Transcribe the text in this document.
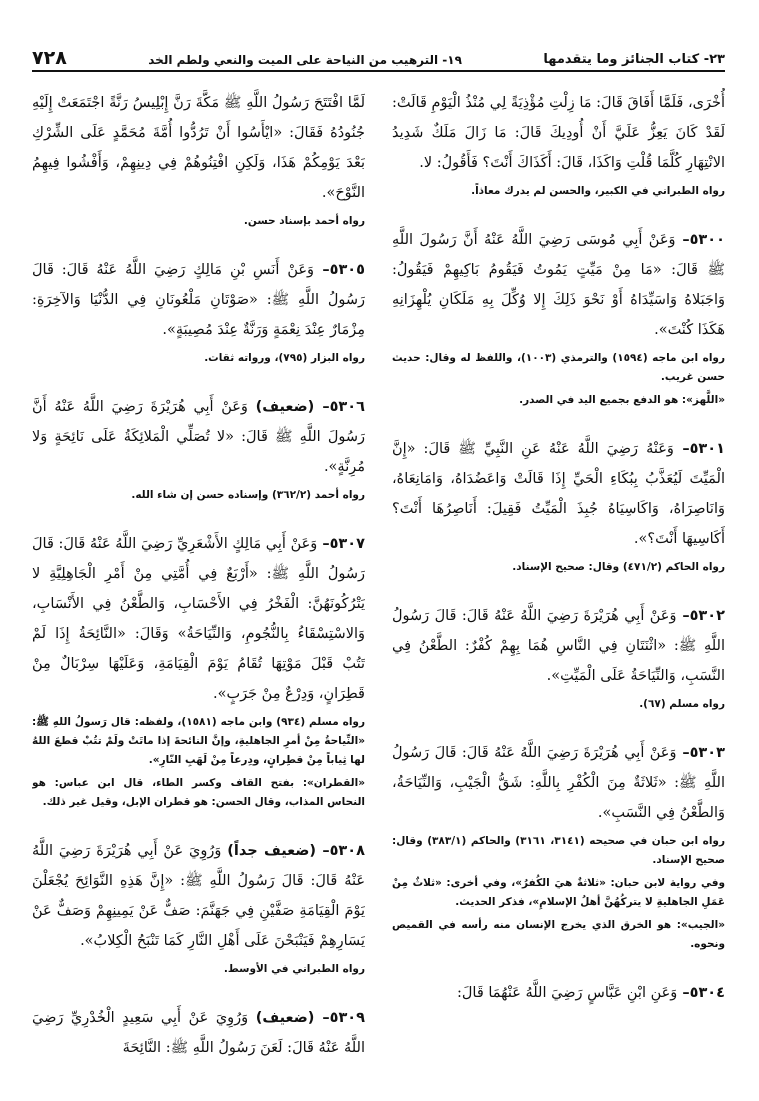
٢٣- كتاب الجنائز وما يتقدمها
١٩- الترهيب من النياحة على الميت والنعي ولطم الخد
٧٢٨

أُخْرَى، فَلَمَّا أَفَاقَ قَالَ: مَا زِلْتِ مُؤْذِيَةً لِي مُنْذُ الْيَوْمِ قَالَتْ: لَقَدْ كَانَ يَعِزُّ عَلَيَّ أَنْ أُودِيكَ قَالَ: مَا زَالَ مَلَكٌ شَدِيدُ الانْتِهَارِ كُلَّمَا قُلْتِ وَاكَذَا، قَالَ: أَكَذَاكَ أَنْتَ؟ فَأَقُولُ: لا.

رواه الطبراني في الكبير، والحسن لم يدرك معاذاً.

٥٣٠٠– وَعَنْ أَبِي مُوسَى رَضِيَ اللَّهُ عَنْهُ أَنَّ رَسُولَ اللَّهِ ﷺ قَالَ: «مَا مِنْ مَيِّتٍ يَمُوتُ فَيَقُومُ بَاكِيهِمْ فَيَقُولُ: وَاجَبَلاهُ وَاسَيِّدَاهُ أَوْ نَحْوَ ذَلِكَ إِلا وُكِّلَ بِهِ مَلَكَانِ يُلْهِزَانِهِ هَكَذَا كُنْتَ».

رواه ابن ماجه (١٥٩٤) والترمذي (١٠٠٣)، واللفظ له وقال: حديث حسن غريب.

«اللَّهز»: هو الدفع بجميع اليد في الصدر.

٥٣٠١– وَعَنْهُ رَضِيَ اللَّهُ عَنْهُ عَنِ النَّبِيِّ ﷺ قَالَ: «إِنَّ الْمَيِّتَ لَيُعَذَّبُ بِبُكَاءِ الْحَيِّ إِذَا قَالَتْ وَاعَضُدَاهُ، وَامَانِعَاهُ، وَانَاصِرَاهُ، وَاكَاسِيَاهُ جُبِذَ الْمَيِّتُ فَقِيلَ: أَنَاصِرُهَا أَنْتَ؟ أَكَاسِيهَا أَنْتَ؟».

رواه الحاكم (٤٧١/٢) وقال: صحيح الإسناد.

٥٣٠٢– وَعَنْ أَبِي هُرَيْرَةَ رَضِيَ اللَّهُ عَنْهُ قَالَ: قَالَ رَسُولُ اللَّهِ ﷺ: «اثْنَتَانِ فِي النَّاسِ هُمَا بِهِمْ كُفْرٌ: الطَّعْنُ فِي النَّسَبِ، وَالنِّيَاحَةُ عَلَى الْمَيِّتِ».

رواه مسلم (٦٧).

٥٣٠٣– وَعَنْ أَبِي هُرَيْرَةَ رَضِيَ اللَّهُ عَنْهُ قَالَ: قَالَ رَسُولُ اللَّهِ ﷺ: «ثَلاثَةٌ مِنَ الْكُفْرِ بِاللَّهِ: شَقُّ الْجَيْبِ، وَالنِّيَاحَةُ، وَالطَّعْنُ فِي النَّسَبِ».

رواه ابن حبان في صحيحه (٣١٤١، ٣١٦١) والحاكم (٣٨٣/١) وقال: صحيح الإسناد.

وفي رواية لابن حبان: «ثلاثةٌ هيَ الكُفرُ»، وفي أخرى: «ثلاثٌ مِنْ عَمَلِ الجاهليةِ لا يتركُهُنَّ أهلُ الإسلامِ»، فذكر الحديث.

«الجيب»: هو الخرق الذي يخرج الإنسان منه رأسه في القميص ونحوه.

٥٣٠٤– وَعَنِ ابْنِ عَبَّاسٍ رَضِيَ اللَّهُ عَنْهُمَا قَالَ:

لَمَّا افْتَتَحَ رَسُولُ اللَّهِ ﷺ مَكَّةَ رَنَّ إِبْلِيسُ رَنَّةً اجْتَمَعَتْ إِلَيْهِ جُنُودُهُ فَقَالَ: «ايْأَسُوا أَنْ تَرُدُّوا أُمَّةَ مُحَمَّدٍ عَلَى الشِّرْكِ بَعْدَ يَوْمِكُمْ هَذَا، وَلَكِنِ افْتِنُوهُمْ فِي دِينِهِمْ، وَأَفْشُوا فِيهِمُ النَّوْحَ».

رواه أحمد بإسناد حسن.

٥٣٠٥– وَعَنْ أَنَسِ بْنِ مَالِكٍ رَضِيَ اللَّهُ عَنْهُ قَالَ: قَالَ رَسُولُ اللَّهِ ﷺ: «صَوْتَانِ مَلْعُونَانِ فِي الدُّنْيَا وَالآخِرَةِ: مِزْمَارٌ عِنْدَ نِعْمَةٍ وَرَنَّةٌ عِنْدَ مُصِيبَةٍ».

رواه البزار (٧٩٥)، ورواته ثقات.

٥٣٠٦– (ضعيف) وَعَنْ أَبِي هُرَيْرَةَ رَضِيَ اللَّهُ عَنْهُ أَنَّ رَسُولَ اللَّهِ ﷺ قَالَ: «لا تُصَلِّي الْمَلائِكَةُ عَلَى نَائِحَةٍ وَلا مُرِنَّةٍ».

رواه أحمد (٣٦٢/٢) وإسناده حسن إن شاء الله.

٥٣٠٧– وَعَنْ أَبِي مَالِكٍ الأَشْعَرِيِّ رَضِيَ اللَّهُ عَنْهُ قَالَ: قَالَ رَسُولُ اللَّهِ ﷺ: «أَرْبَعٌ فِي أُمَّتِي مِنْ أَمْرِ الْجَاهِلِيَّةِ لا يَتْرُكُونَهُنَّ: الْفَخْرُ فِي الأَحْسَابِ، وَالطَّعْنُ فِي الأَنْسَابِ، وَالاسْتِسْقَاءُ بِالنُّجُومِ، وَالنِّيَاحَةُ» وَقَالَ: «النَّائِحَةُ إِذَا لَمْ تَتُبْ قَبْلَ مَوْتِهَا تُقَامُ يَوْمَ الْقِيَامَةِ، وَعَلَيْهَا سِرْبَالٌ مِنْ قَطِرَانٍ، وَدِرْعٌ مِنْ جَرَبٍ».

رواه مسلم (٩٣٤) وابن ماجه (١٥٨١)، ولفظه: قال رَسولُ اللهِ ﷺ: «النِّياحةُ مِنْ أمرِ الجاهليةِ، وإنَّ النائحةَ إذا ماتَتْ ولَمْ تتُبْ قطعَ اللهُ لها ثِياباً مِنْ قطِرانٍ، ودِرعاً مِنْ لَهَبِ النّارِ».

«القطران»: بفتح القاف وكسر الطاء، قال ابن عباس: هو النحاس المذاب، وقال الحسن: هو قطران الإبل، وقيل غير ذلك.

٥٣٠٨– (ضعيف جداً) وَرُوِيَ عَنْ أَبِي هُرَيْرَةَ رَضِيَ اللَّهُ عَنْهُ قَالَ: قَالَ رَسُولُ اللَّهِ ﷺ: «إِنَّ هَذِهِ النَّوَائِحَ يُجْعَلْنَ يَوْمَ الْقِيَامَةِ صَفَّيْنِ فِي جَهَنَّمَ: صَفٌّ عَنْ يَمِينِهِمْ وَصَفٌّ عَنْ يَسَارِهِمْ فَيَنْبَحْنَ عَلَى أَهْلِ النَّارِ كَمَا تَنْبَحُ الْكِلابُ».

رواه الطبراني في الأوسط.

٥٣٠٩– (ضعيف) وَرُوِيَ عَنْ أَبِي سَعِيدٍ الْخُدْرِيِّ رَضِيَ اللَّهُ عَنْهُ قَالَ: لَعَنَ رَسُولُ اللَّهِ ﷺ: النَّائِحَةَ
